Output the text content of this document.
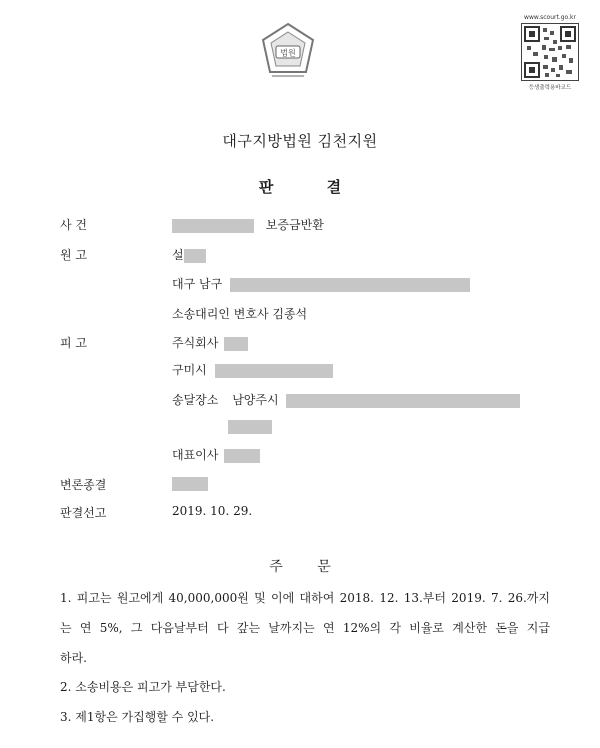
법원
www.scourt.go.kr
등생출력용바코드
대구지방법원 김천지원
판 결
사 건	보증금반환
원 고	설
대구 남구
소송대리인 변호사 김종석
피 고	주식회사
구미시
송달장소 남양주시
대표이사
변론종결
판결선고	2019. 10. 29.
주 문
1. 피고는 원고에게 40,000,000원 및 이에 대하여 2018. 12. 13.부터 2019. 7. 26.까지
는 연 5%, 그 다음날부터 다 갚는 날까지는 연 12%의 각 비율로 계산한 돈을 지급
하라.
2. 소송비용은 피고가 부담한다.
3. 제1항은 가집행할 수 있다.
